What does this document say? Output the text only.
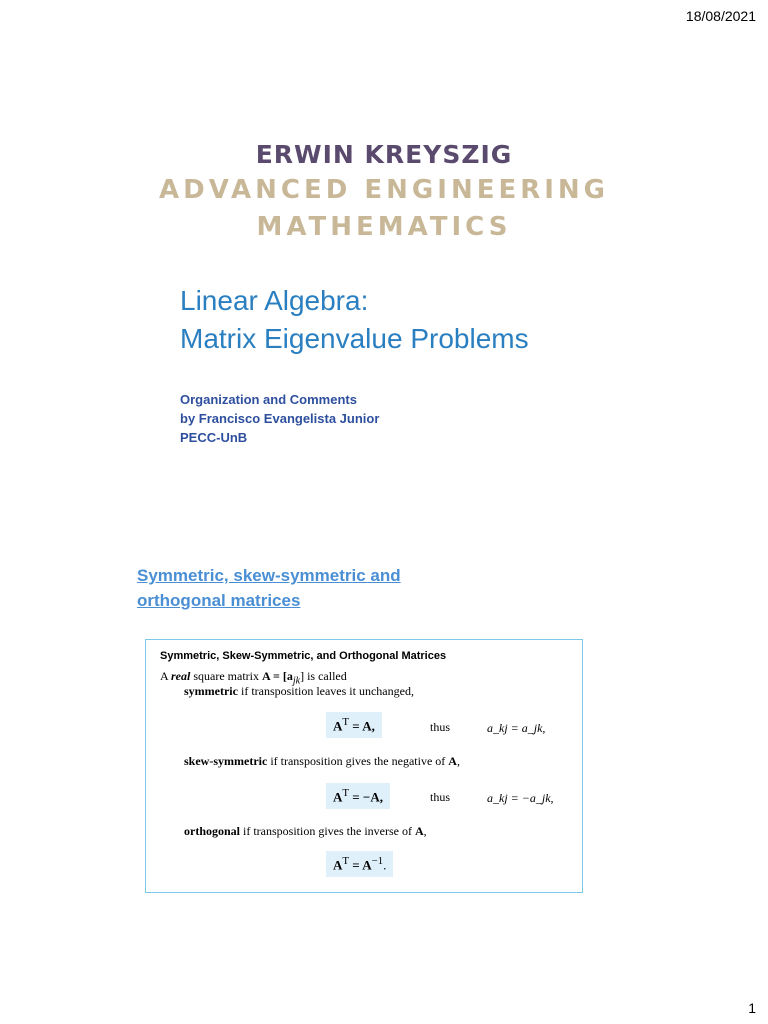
18/08/2021
ERWIN KREYSZIG
ADVANCED ENGINEERING
MATHEMATICS
Linear Algebra:
Matrix Eigenvalue Problems
Organization and Comments
by Francisco Evangelista Junior
PECC-UnB
Symmetric, skew-symmetric and
orthogonal matrices
Symmetric, Skew-Symmetric, and Orthogonal Matrices
A real square matrix $A = [a_{jk}]$ is called
symmetric if transposition leaves it unchanged,
$A^T = A$,	thus	a_kj = a_jk,
skew-symmetric if transposition gives the negative of A,
$A^T = -A$,	thus	a_kj = −a_jk,
orthogonal if transposition gives the inverse of A,
$A^T = A^{-1}$.
1
